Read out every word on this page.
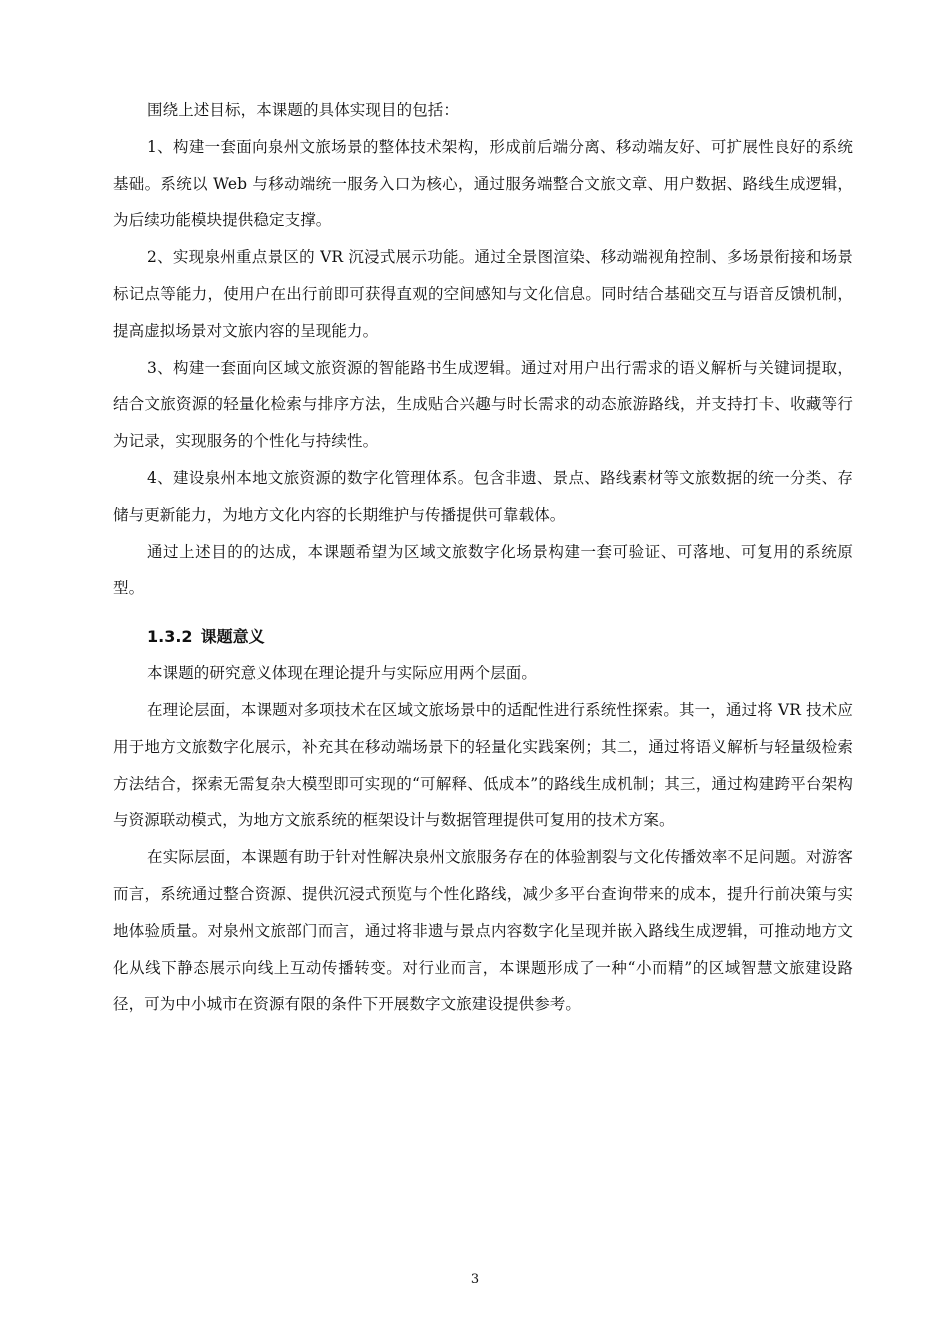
围绕上述目标，本课题的具体实现目的包括：

1、构建一套面向泉州文旅场景的整体技术架构，形成前后端分离、移动端友好、可扩展性良好的系统基础。系统以 Web 与移动端统一服务入口为核心，通过服务端整合文旅文章、用户数据、路线生成逻辑，为后续功能模块提供稳定支撑。

2、实现泉州重点景区的 VR 沉浸式展示功能。通过全景图渲染、移动端视角控制、多场景衔接和场景标记点等能力，使用户在出行前即可获得直观的空间感知与文化信息。同时结合基础交互与语音反馈机制，提高虚拟场景对文旅内容的呈现能力。

3、构建一套面向区域文旅资源的智能路书生成逻辑。通过对用户出行需求的语义解析与关键词提取，结合文旅资源的轻量化检索与排序方法，生成贴合兴趣与时长需求的动态旅游路线，并支持打卡、收藏等行为记录，实现服务的个性化与持续性。

4、建设泉州本地文旅资源的数字化管理体系。包含非遗、景点、路线素材等文旅数据的统一分类、存储与更新能力，为地方文化内容的长期维护与传播提供可靠载体。

通过上述目的的达成，本课题希望为区域文旅数字化场景构建一套可验证、可落地、可复用的系统原型。

1.3.2 课题意义

本课题的研究意义体现在理论提升与实际应用两个层面。

在理论层面，本课题对多项技术在区域文旅场景中的适配性进行系统性探索。其一，通过将 VR 技术应用于地方文旅数字化展示，补充其在移动端场景下的轻量化实践案例；其二，通过将语义解析与轻量级检索方法结合，探索无需复杂大模型即可实现的“可解释、低成本”的路线生成机制；其三，通过构建跨平台架构与资源联动模式，为地方文旅系统的框架设计与数据管理提供可复用的技术方案。

在实际层面，本课题有助于针对性解决泉州文旅服务存在的体验割裂与文化传播效率不足问题。对游客而言，系统通过整合资源、提供沉浸式预览与个性化路线，减少多平台查询带来的成本，提升行前决策与实地体验质量。对泉州文旅部门而言，通过将非遗与景点内容数字化呈现并嵌入路线生成逻辑，可推动地方文化从线下静态展示向线上互动传播转变。对行业而言，本课题形成了一种“小而精”的区域智慧文旅建设路径，可为中小城市在资源有限的条件下开展数字文旅建设提供参考。

3
